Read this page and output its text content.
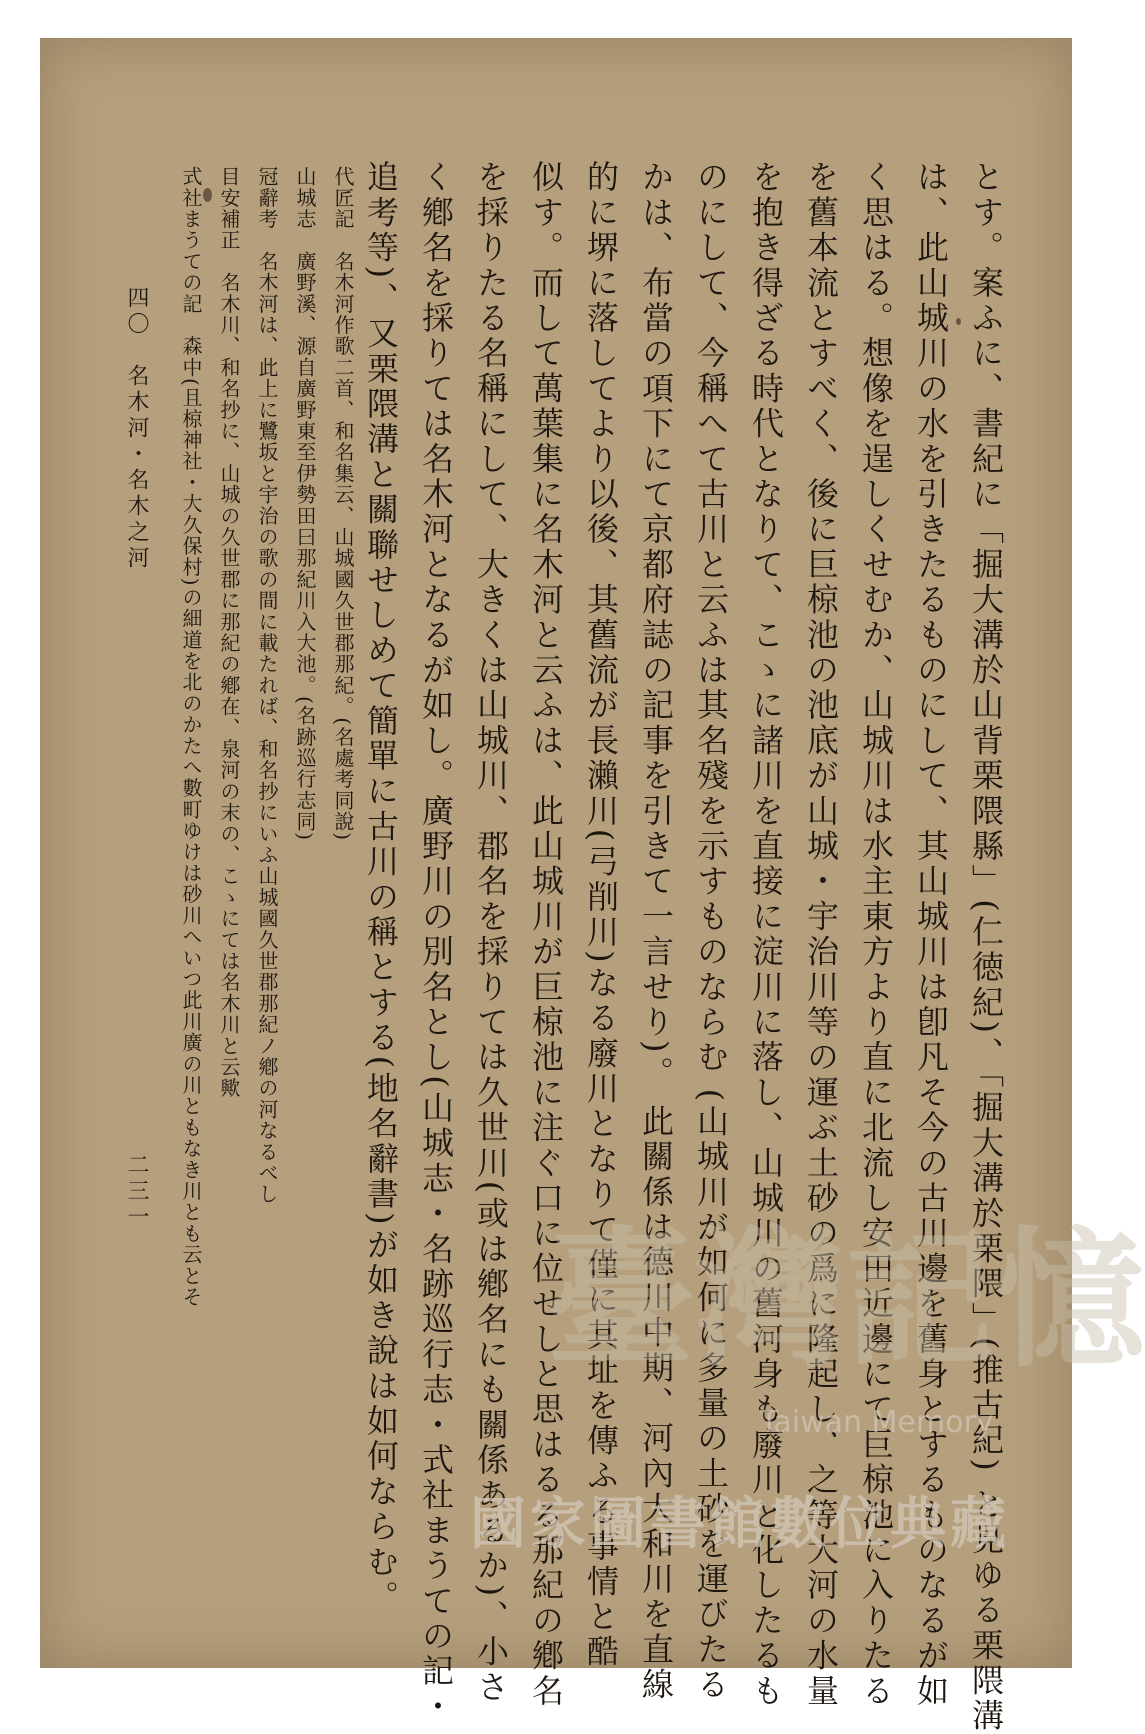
とす。案ふに、書紀に「掘大溝於山背栗隈縣」(仁徳紀)、「掘大溝於栗隈」(推古紀) と見ゆる栗隈溝
は、此山城川の水を引きたるものにして、其山城川は卽凡そ今の古川邊を舊身とするものなるが如
く思はる。想像を逞しくせむか、山城川は水主東方より直に北流し安田近邊にて巨椋池に入りたる
を舊本流とすべく、後に巨椋池の池底が山城・宇治川等の運ぶ土砂の爲に隆起し、之等大河の水量
を抱き得ざる時代となりて、こゝに諸川を直接に淀川に落し、山城川の舊河身も廢川と化したるも
のにして、今稱へて古川と云ふは其名殘を示すものならむ (山城川が如何に多量の土砂を運びたる
かは、布當の項下にて京都府誌の記事を引きて一言せり)。 此關係は德川中期、河內大和川を直線
的に堺に落してより以後、其舊流が長瀨川(弓削川)なる廢川となりて僅に其址を傳ふる事情と酷
似す。而して萬葉集に名木河と云ふは、此山城川が巨椋池に注ぐ口に位せしと思はる﻿る那紀の鄕名
を採りたる名稱にして、大きくは山城川、郡名を採りては久世川(或は鄕名にも關係あるか)、小さ
く鄕名を採りては名木河となるが如し。廣野川の別名とし(山城志・名跡巡行志・式社まうての記・
追考等)、又栗隈溝と關聯せしめて簡單に古川の稱とする(地名辭書)が如き說は如何ならむ。
代匠記　名木河作歌二首、和名集云、山城國久世郡那紀。(名處考同說)
山城志　廣野溪、源自廣野東至伊勢田曰那紀川入大池。(名跡巡行志同)
冠辭考　名木河は、此上に鷺坂と宇治の歌の間に載たれば、和名抄にいふ山城國久世郡那紀ノ鄕の河なるべし
目安補正　名木川、和名抄に、山城の久世郡に那紀の鄕在、泉河の末の、こゝにては名木川と云歟
式社まうての記　森中(且椋神社・大久保村)の細道を北のかたへ數町ゆけは砂川へいつ此川廣の川ともなき川とも云とそ
四〇　名木河・名木之河
二三一
臺灣記憶
Taiwan Memory
國家圖書館數位典藏
